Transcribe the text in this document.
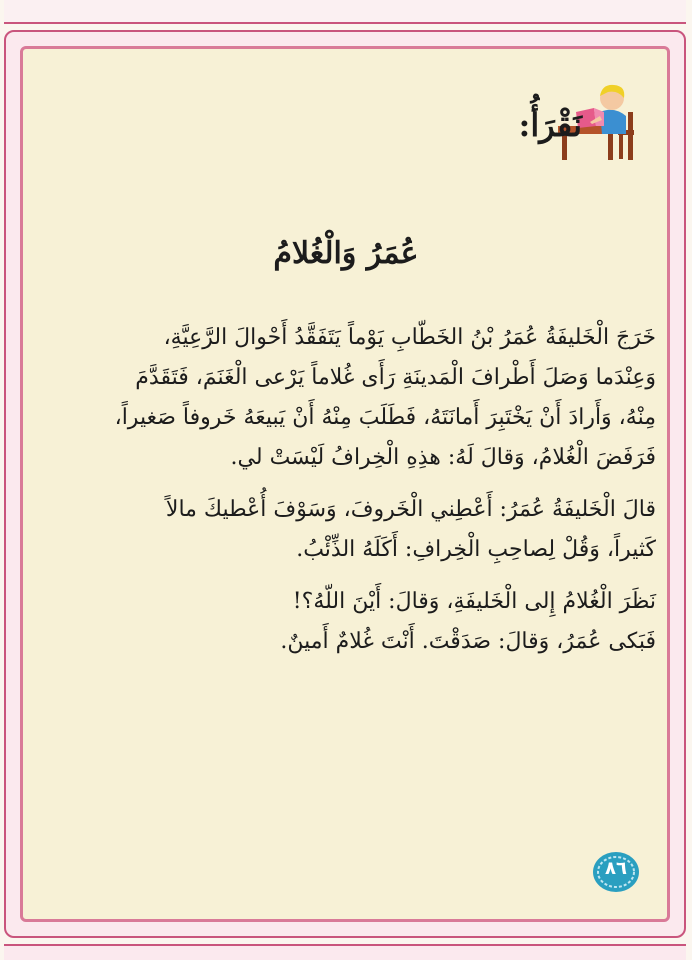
نَقْرَأُ:
عُمَرُ وَالْغُلامُ

خَرَجَ الْخَليفَةُ عُمَرُ بْنُ الخَطّابِ يَوْماً يَتَفَقَّدُ أَحْوالَ الرَّعِيَّةِ،
وَعِنْدَما وَصَلَ أَطْرافَ الْمَدينَةِ رَأَى غُلاماً يَرْعى الْغَنَمَ، فَتَقَدَّمَ
مِنْهُ، وَأَرادَ أَنْ يَخْتَبِرَ أَمانَتَهُ، فَطَلَبَ مِنْهُ أَنْ يَبيعَهُ خَروفاً صَغيراً،
فَرَفَضَ الْغُلامُ، وَقالَ لَهُ: هذِهِ الْخِرافُ لَيْسَتْ لي.

قالَ الْخَليفَةُ عُمَرُ: أَعْطِني الْخَروفَ، وَسَوْفَ أُعْطيكَ مالاً
كَثيراً، وَقُلْ لِصاحِبِ الْخِرافِ: أَكَلَهُ الذِّئْبُ.

نَظَرَ الْغُلامُ إِلى الْخَليفَةِ، وَقالَ: أَيْنَ اللّهُ؟!

فَبَكى عُمَرُ، وَقالَ: صَدَقْتَ. أَنْتَ غُلامٌ أَمينٌ.

٨٦
